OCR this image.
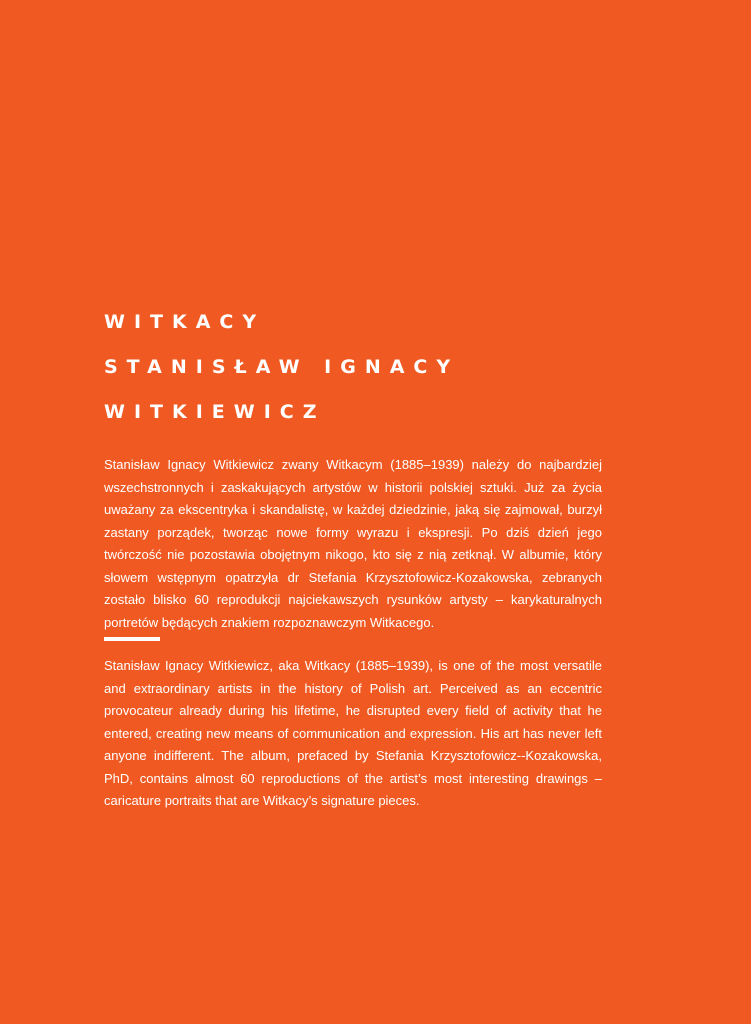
WITKACY
STANISŁAW IGNACY
WITKIEWICZ

Stanisław Ignacy Witkiewicz zwany Witkacym (1885–1939) należy do najbardziej wszechstronnych i zaskakujących artystów w historii polskiej sztuki. Już za życia uważany za ekscentryka i skandalistę, w każdej dziedzinie, jaką się zajmował, burzył zastany porządek, tworząc nowe formy wyrazu i ekspresji. Po dziś dzień jego twórczość nie pozostawia obojętnym nikogo, kto się z nią zetknął. W albumie, który słowem wstępnym opatrzyła dr Stefania Krzysztofowicz-Kozakowska, zebranych zostało blisko 60 reprodukcji najciekawszych rysunków artysty – karykaturalnych portretów będących znakiem rozpoznawczym Witkacego.

Stanisław Ignacy Witkiewicz, aka Witkacy (1885–1939), is one of the most versatile and extraordinary artists in the history of Polish art. Perceived as an eccentric provocateur already during his lifetime, he disrupted every field of activity that he entered, creating new means of communication and expression. His art has never left anyone indifferent. The album, prefaced by Stefania Krzysztofowicz--Kozakowska, PhD, contains almost 60 reproductions of the artist’s most interesting drawings – caricature portraits that are Witkacy’s signature pieces.
